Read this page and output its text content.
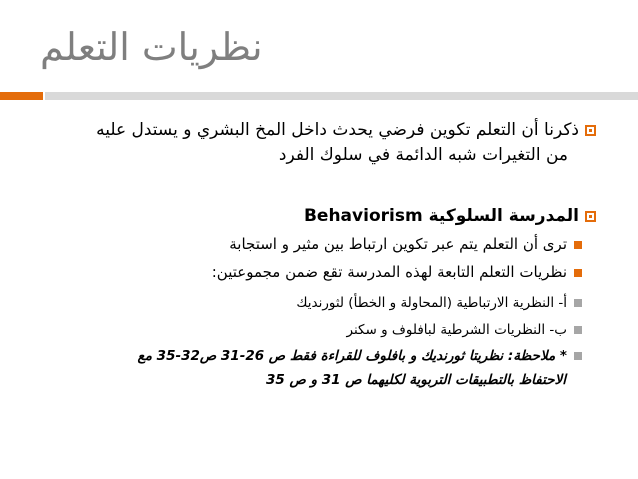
نظريات التعلم
ذكرنا أن التعلم تكوين فرضي يحدث داخل المخ البشري و يستدل عليه
من التغيرات شبه الدائمة في سلوك الفرد
المدرسة السلوكية Behaviorism
ترى أن التعلم يتم عبر تكوين ارتباط بين مثير و استجابة
نظريات التعلم التابعة لهذه المدرسة تقع ضمن مجموعتين:
أ- النظرية الارتباطية (المحاولة و الخطأ) لثورنديك
ب- النظريات الشرطية لبافلوف و سكنر
* ملاحظة: نظريتا ثورنديك و بافلوف للقراءة فقط ص 26-31 ص32-35 مع
الاحتفاظ بالتطبيقات التربوية لكليهما ص 31 و ص 35
